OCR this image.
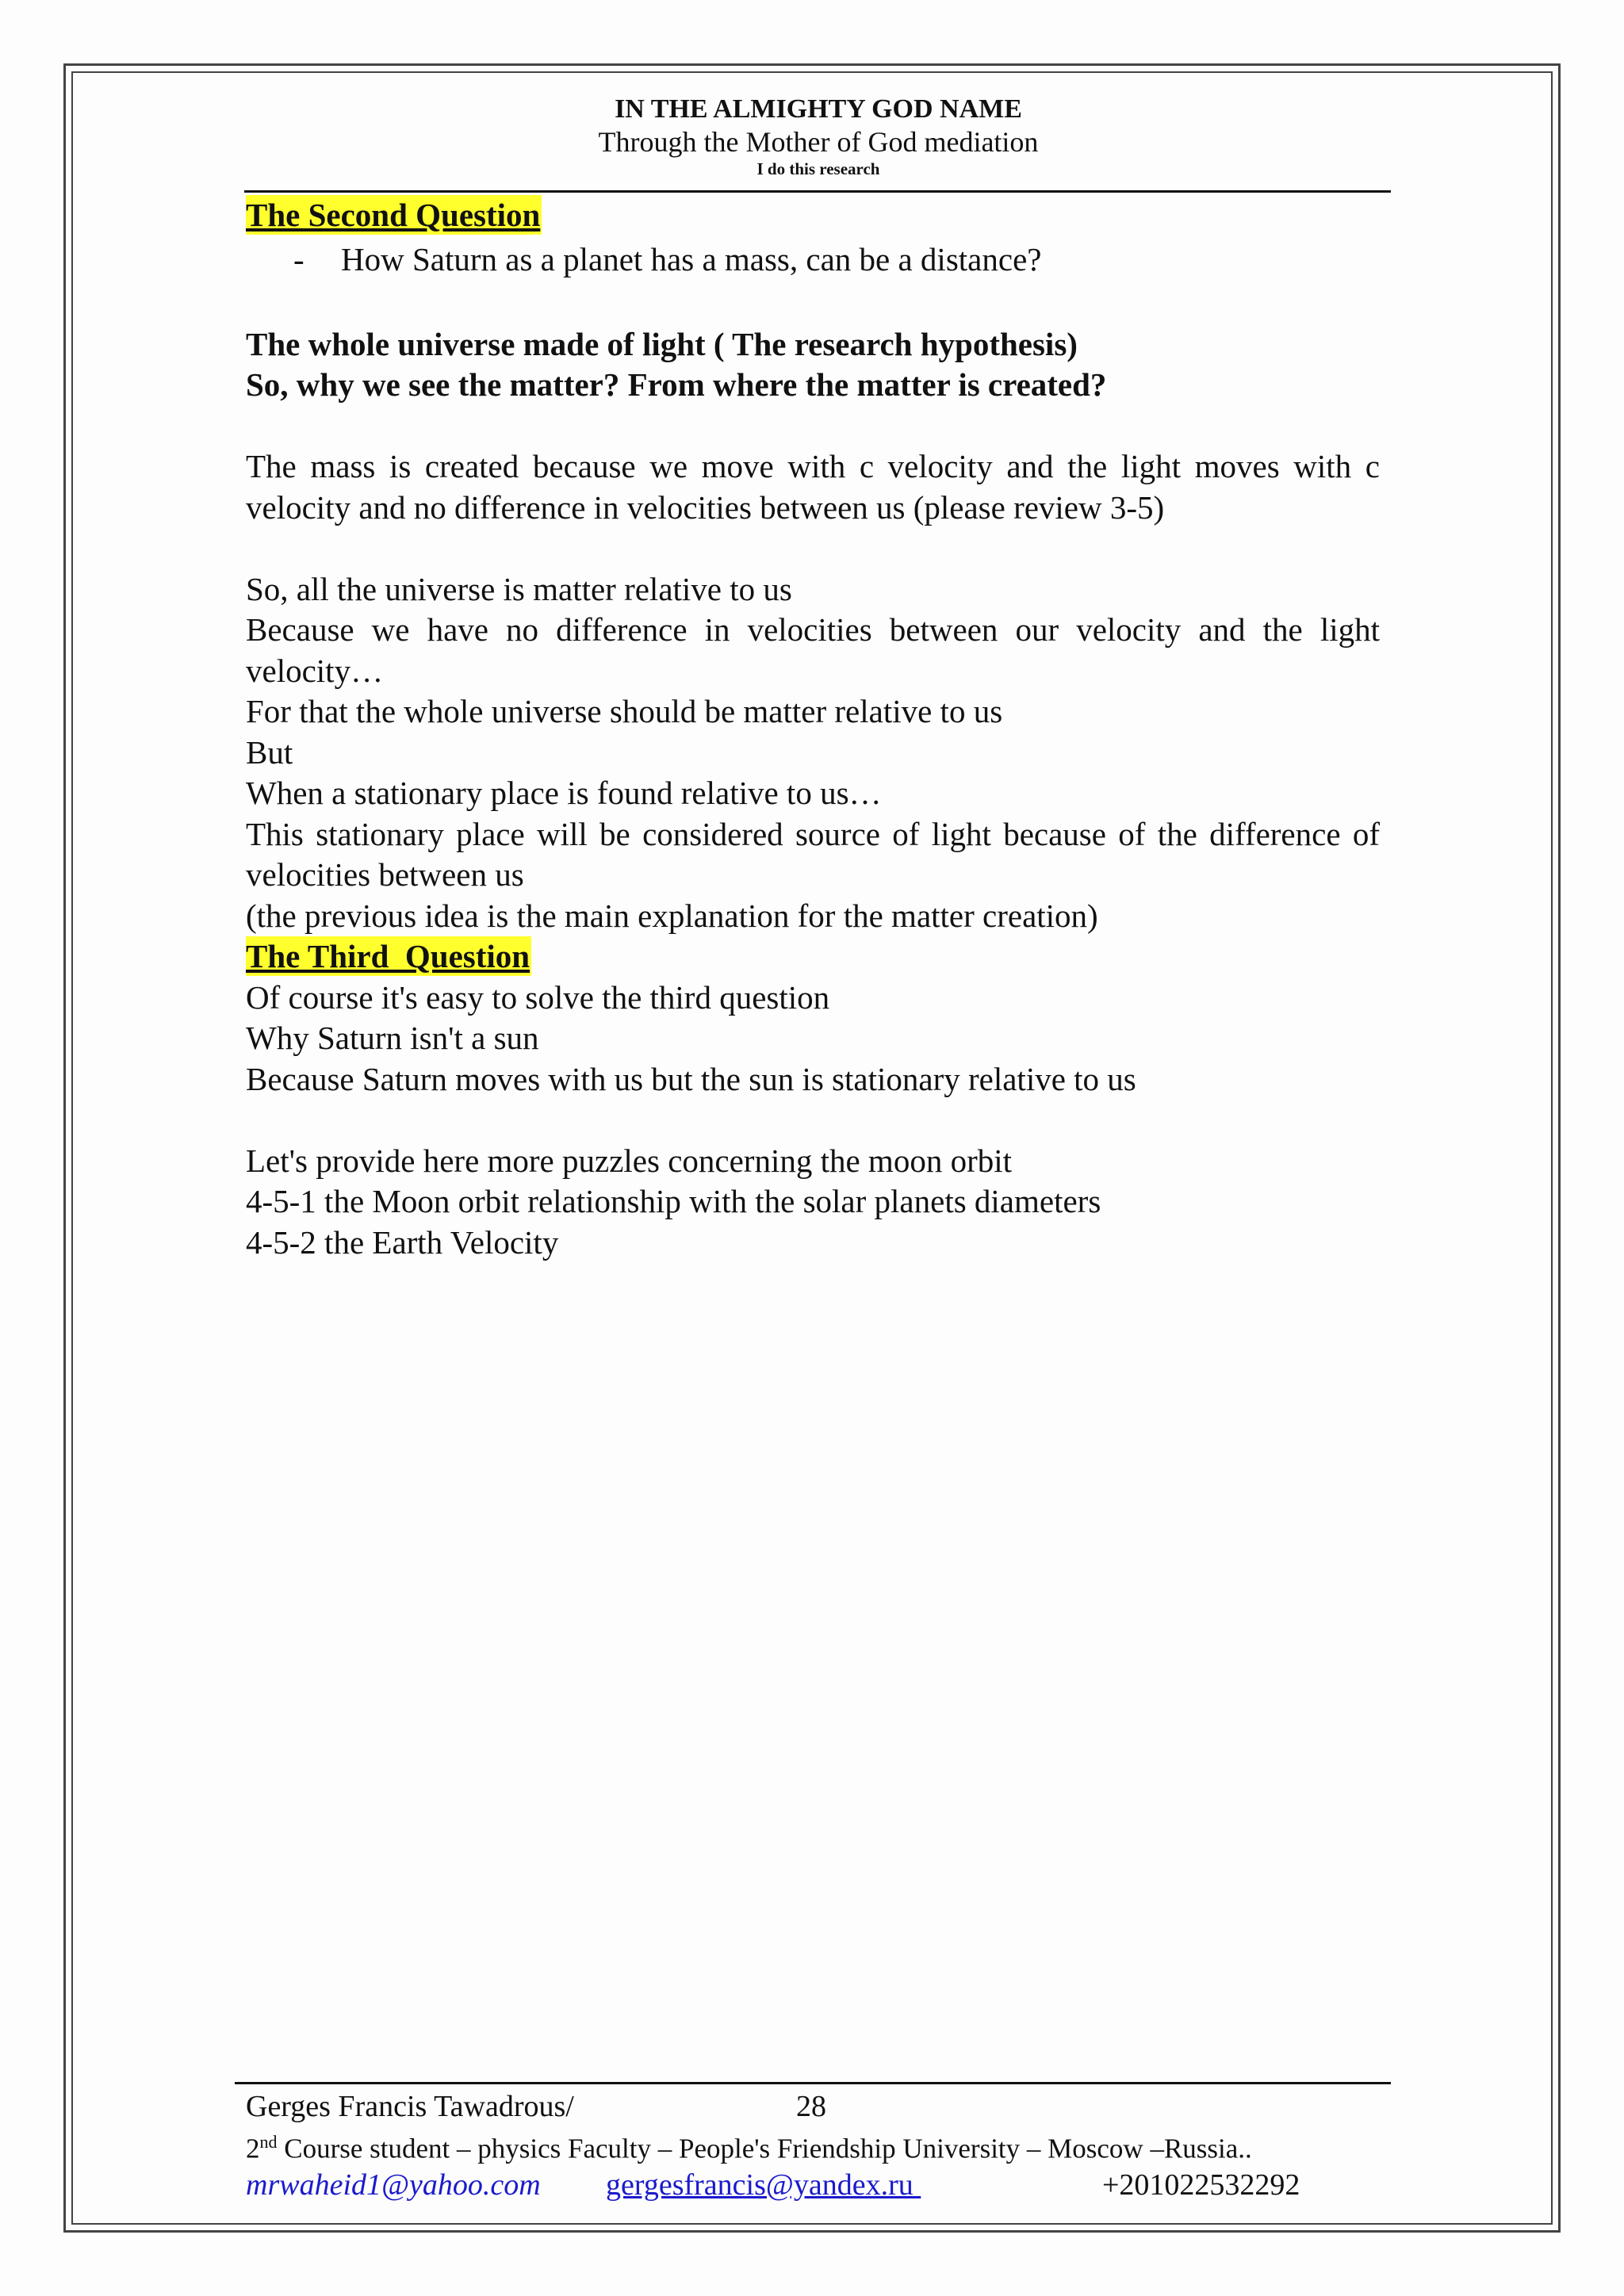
IN THE ALMIGHTY GOD NAME
Through the Mother of God mediation
I do this research
The Second Question
-	How Saturn as a planet has a mass, can be a distance?
The whole universe made of light ( The research hypothesis)
So, why we see the matter? From where the matter is created?
The mass is created because we move with c velocity and the light moves with c velocity and no difference in velocities between us (please review 3-5)
So, all the universe is matter relative to us
Because we have no difference in velocities between our velocity and the light velocity…
For that the whole universe should be matter relative to us
But
When a stationary place is found relative to us…
This stationary place will be considered source of light because of the difference of velocities between us
(the previous idea is the main explanation for the matter creation)
The Third  Question
Of course it's easy to solve the third question
Why Saturn isn't a sun
Because Saturn moves with us but the sun is stationary relative to us
Let's provide here more puzzles concerning the moon orbit
4-5-1 the Moon orbit relationship with the solar planets diameters
4-5-2 the Earth Velocity
Gerges Francis Tawadrous/	28
2nd Course student – physics Faculty – People's Friendship University – Moscow –Russia..
mrwaheid1@yahoo.com gergesfrancis@yandex.ru	+201022532292
